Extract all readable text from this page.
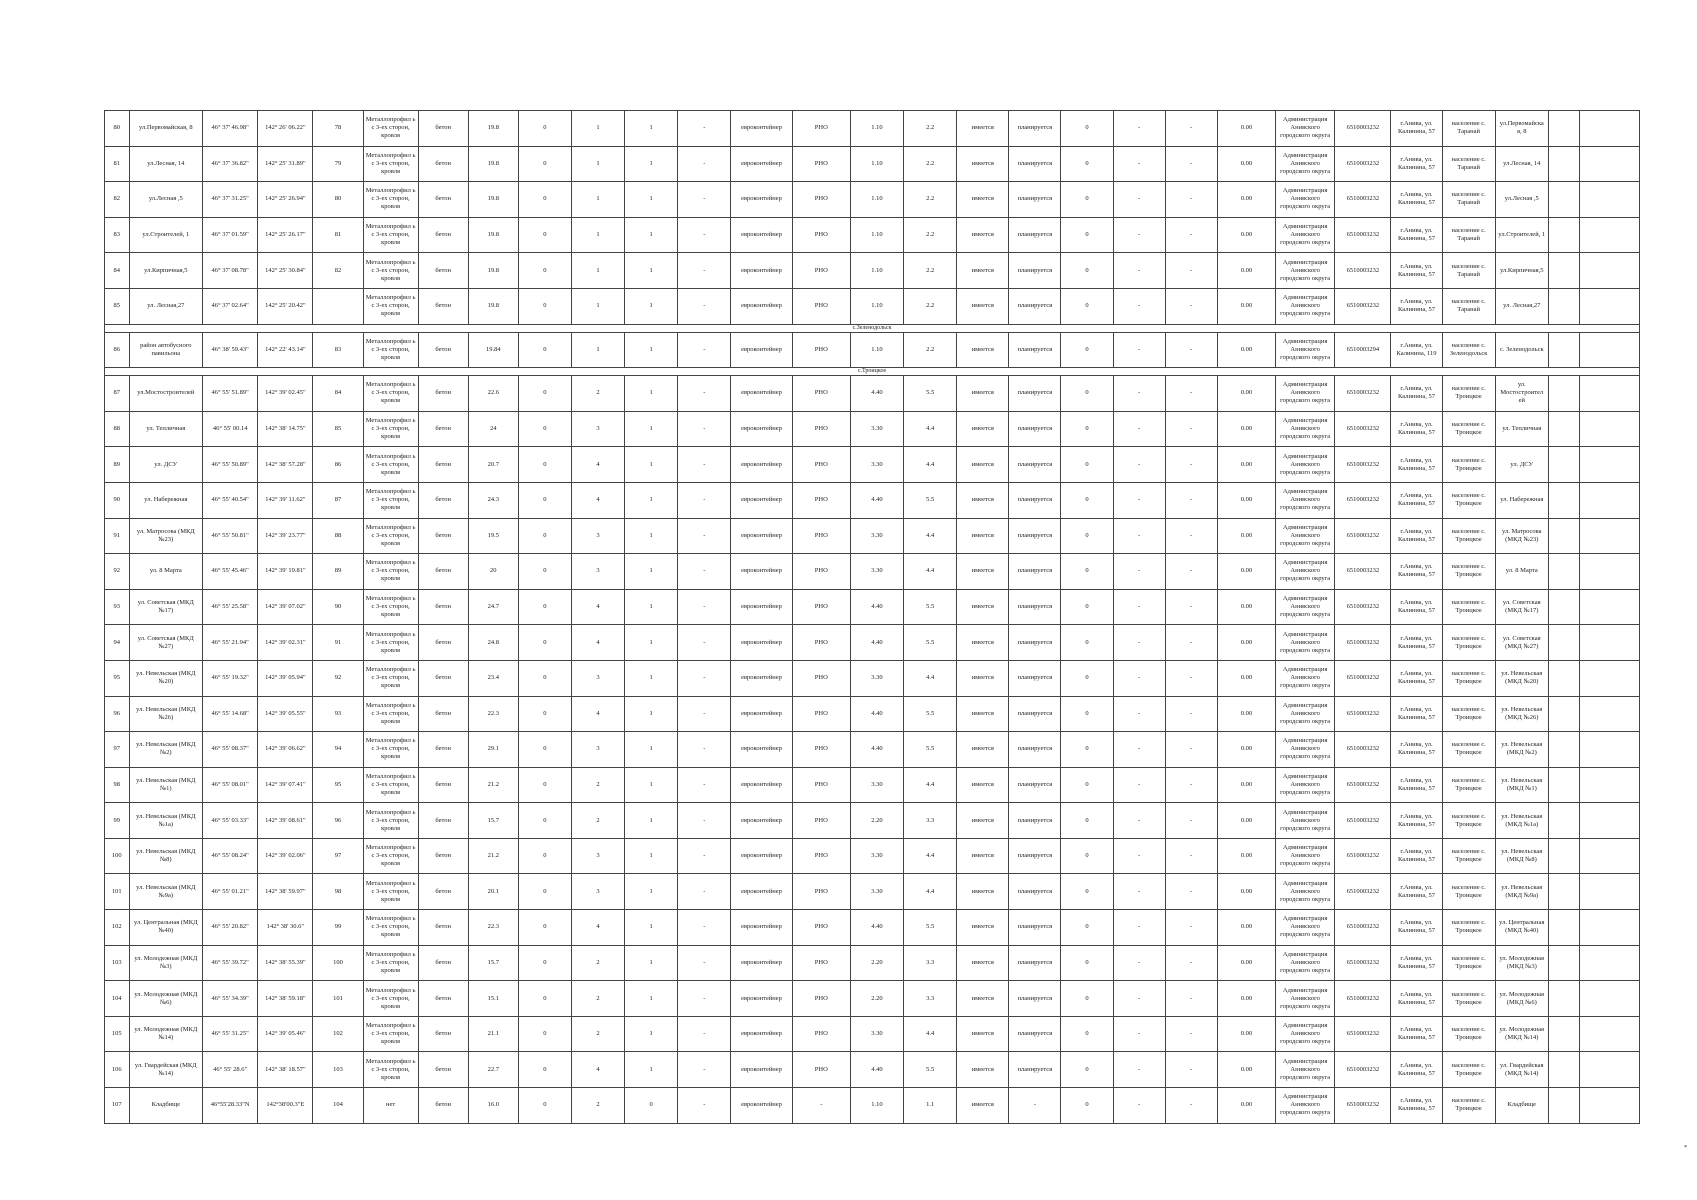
80	ул.Первомайская, 8	46° 37' 46.98"	142° 26' 06.22"	78	Металлопрофил ь с 3-ех сторон, кровля	бетон	19.8	0	1	1	-	евроконтейнер	РНО	1.10	2.2	имеется	планируется	0	-	-	0.00	Администрация Анивского городского округа	6510003232	г.Анива, ул. Калинина, 57	население с. Таранай	ул.Первомайска я, 8		
81	ул.Лесная, 14	46° 37' 36.82"	142° 25' 31.89"	79	Металлопрофил ь с 3-ех сторон, кровля	бетон	19.8	0	1	1	-	евроконтейнер	РНО	1.10	2.2	имеется	планируется	0	-	-	0.00	Администрация Анивского городского округа	6510003232	г.Анива, ул. Калинина, 57	население с. Таранай	ул.Лесная, 14		
82	ул.Лесная ,5	46° 37' 31.25"	142° 25' 26.94"	80	Металлопрофил ь с 3-ех сторон, кровля	бетон	19.8	0	1	1	-	евроконтейнер	РНО	1.10	2.2	имеется	планируется	0	-	-	0.00	Администрация Анивского городского округа	6510003232	г.Анива, ул. Калинина, 57	население с. Таранай	ул.Лесная ,5		
83	ул.Строителей, 1	46° 37' 01.59"	142° 25' 26.17"	81	Металлопрофил ь с 3-ех сторон, кровля	бетон	19.8	0	1	1	-	евроконтейнер	РНО	1.10	2.2	имеется	планируется	0	-	-	0.00	Администрация Анивского городского округа	6510003232	г.Анива, ул. Калинина, 57	население с. Таранай	ул.Строителей, 1		
84	ул.Кирпичная,5	46° 37' 08.78"	142° 25' 30.84"	82	Металлопрофил ь с 3-ех сторон, кровля	бетон	19.8	0	1	1	-	евроконтейнер	РНО	1.10	2.2	имеется	планируется	0	-	-	0.00	Администрация Анивского городского округа	6510003232	г.Анива, ул. Калинина, 57	население с. Таранай	ул.Кирпичная,5		
85	ул. Лесная,27	46° 37' 02.64"	142° 25' 20.42"		Металлопрофил ь с 3-ех сторон, кровля	бетон	19.8	0	1	1	-	евроконтейнер	РНО	1.10	2.2	имеется	планируется	0	-	-	0.00	Администрация Анивского городского округа	6510003232	г.Анива, ул. Калинина, 57	население с. Таранай	ул. Лесная,27		
с.Зеленодольск																												
86	район автобусного павильона	46° 38' 59.43"	142° 22' 43.14"	83	Металлопрофил ь с 3-ех сторон, кровля	бетон	19.84	0	1	1	-	евроконтейнер	РНО	1.10	2.2	имеется	планируется	0	-	-	0.00	Администрация Анивского городского округа	6510003294	г.Анива, ул. Калинина, 119	население с. Зеленодольск	с. Зеленодольск		
с.Троицкое																												
87	ул.Мостостроителей	46° 55' 51.89"	142° 39' 02.45"	84	Металлопрофил ь с 3-ех сторон, кровля	бетон	22.6	0	2	1	-	евроконтейнер	РНО	4.40	5.5	имеется	планируется	0	-	-	0.00	Администрация Анивского городского округа	6510003232	г.Анива, ул. Калинина, 57	население с. Троицкое	ул. Мостостроител ей		
88	ул. Тепличная	46° 55' 00.14	142° 38' 14.75"	85	Металлопрофил ь с 3-ех сторон, кровля	бетон	24	0	3	1	-	евроконтейнер	РНО	3.30	4.4	имеется	планируется	0	-	-	0.00	Администрация Анивского городского округа	6510003232	г.Анива, ул. Калинина, 57	население с. Троицкое	ул. Тепличная		
89	ул. ДСУ	46° 55' 50.89"	142° 38' 57.28"	86	Металлопрофил ь с 3-ех сторон, кровля	бетон	20.7	0	4	1	-	евроконтейнер	РНО	3.30	4.4	имеется	планируется	0	-	-	0.00	Администрация Анивского городского округа	6510003232	г.Анива, ул. Калинина, 57	население с. Троицкое	ул. ДСУ		
90	ул. Набережная	46° 55' 40.54"	142° 39' 11.62"	87	Металлопрофил ь с 3-ех сторон, кровля	бетон	24.3	0	4	1	-	евроконтейнер	РНО	4.40	5.5	имеется	планируется	0	-	-	0.00	Администрация Анивского городского округа	6510003232	г.Анива, ул. Калинина, 57	население с. Троицкое	ул. Набережная		
91	ул. Матросова (МКД №23)	46° 55' 50.81"	142° 39' 23.77"	88	Металлопрофил ь с 3-ех сторон, кровля	бетон	19.5	0	3	1	-	евроконтейнер	РНО	3.30	4.4	имеется	планируется	0	-	-	0.00	Администрация Анивского городского округа	6510003232	г.Анива, ул. Калинина, 57	население с. Троицкое	ул. Матросова (МКД №23)		
92	ул. 8 Марта	46° 55' 45.46"	142° 39' 19.81"	89	Металлопрофил ь с 3-ех сторон, кровля	бетон	20	0	3	1	-	евроконтейнер	РНО	3.30	4.4	имеется	планируется	0	-	-	0.00	Администрация Анивского городского округа	6510003232	г.Анива, ул. Калинина, 57	население с. Троицкое	ул. 8 Марта		
93	ул. Советская (МКД №17)	46° 55' 25.58"	142° 39' 07.02"	90	Металлопрофил ь с 3-ех сторон, кровля	бетон	24.7	0	4	1	-	евроконтейнер	РНО	4.40	5.5	имеется	планируется	0	-	-	0.00	Администрация Анивского городского округа	6510003232	г.Анива, ул. Калинина, 57	население с. Троицкое	ул. Советская (МКД №17)		
94	ул. Советская (МКД №27)	46° 55' 21.94"	142° 39' 02.31"	91	Металлопрофил ь с 3-ех сторон, кровля	бетон	24.8	0	4	1	-	евроконтейнер	РНО	4.40	5.5	имеется	планируется	0	-	-	0.00	Администрация Анивского городского округа	6510003232	г.Анива, ул. Калинина, 57	население с. Троицкое	ул. Советская (МКД №27)		
95	ул. Невельская (МКД №20)	46° 55' 19.32"	142° 39' 05.94"	92	Металлопрофил ь с 3-ех сторон, кровля	бетон	23.4	0	3	1	-	евроконтейнер	РНО	3.30	4.4	имеется	планируется	0	-	-	0.00	Администрация Анивского городского округа	6510003232	г.Анива, ул. Калинина, 57	население с. Троицкое	ул. Невельская (МКД №20)		
96	ул. Невельская (МКД №26)	46° 55' 14.68"	142° 39' 05.55"	93	Металлопрофил ь с 3-ех сторон, кровля	бетон	22.3	0	4	1	-	евроконтейнер	РНО	4.40	5.5	имеется	планируется	0	-	-	0.00	Администрация Анивского городского округа	6510003232	г.Анива, ул. Калинина, 57	население с. Троицкое	ул. Невельская (МКД №26)		
97	ул. Невельская (МКД №2)	46° 55' 08.37"	142° 39' 06.62"	94	Металлопрофил ь с 3-ех сторон, кровля	бетон	29.1	0	3	1	-	евроконтейнер	РНО	4.40	5.5	имеется	планируется	0	-	-	0.00	Администрация Анивского городского округа	6510003232	г.Анива, ул. Калинина, 57	население с. Троицкое	ул. Невельская (МКД №2)		
98	ул. Невельская (МКД №1)	46° 55' 08.01"	142° 39' 07.41"	95	Металлопрофил ь с 3-ех сторон, кровля	бетон	21.2	0	2	1	-	евроконтейнер	РНО	3.30	4.4	имеется	планируется	0	-	-	0.00	Администрация Анивского городского округа	6510003232	г.Анива, ул. Калинина, 57	население с. Троицкое	ул. Невельская (МКД №1)		
99	ул. Невельская (МКД №1а)	46° 55' 03.33"	142° 39' 08.61"	96	Металлопрофил ь с 3-ех сторон, кровля	бетон	15.7	0	2	1	-	евроконтейнер	РНО	2.20	3.3	имеется	планируется	0	-	-	0.00	Администрация Анивского городского округа	6510003232	г.Анива, ул. Калинина, 57	население с. Троицкое	ул. Невельская (МКД №1а)		
100	ул. Невельская (МКД №8)	46° 55' 08.24"	142° 39' 02.06"	97	Металлопрофил ь с 3-ех сторон, кровля	бетон	21.2	0	3	1	-	евроконтейнер	РНО	3.30	4.4	имеется	планируется	0	-	-	0.00	Администрация Анивского городского округа	6510003232	г.Анива, ул. Калинина, 57	население с. Троицкое	ул. Невельская (МКД №8)		
101	ул. Невельская (МКД №9а)	46° 55' 01.21"	142° 38' 59.97"	98	Металлопрофил ь с 3-ех сторон, кровля	бетон	20.1	0	3	1	-	евроконтейнер	РНО	3.30	4.4	имеется	планируется	0	-	-	0.00	Администрация Анивского городского округа	6510003232	г.Анива, ул. Калинина, 57	население с. Троицкое	ул. Невельская (МКД №9а)		
102	ул. Центральная (МКД №40)	46° 55' 20.82"	142° 38' 30.6"	99	Металлопрофил ь с 3-ех сторон, кровля	бетон	22.3	0	4	1	-	евроконтейнер	РНО	4.40	5.5	имеется	планируется	0	-	-	0.00	Администрация Анивского городского округа	6510003232	г.Анива, ул. Калинина, 57	население с. Троицкое	ул. Центральная (МКД №40)		
103	ул. Молодежная (МКД №3)	46° 55' 39.72"	142° 38' 55.39"	100	Металлопрофил ь с 3-ех сторон, кровля	бетон	15.7	0	2	1	-	евроконтейнер	РНО	2.20	3.3	имеется	планируется	0	-	-	0.00	Администрация Анивского городского округа	6510003232	г.Анива, ул. Калинина, 57	население с. Троицкое	ул. Молодежная (МКД №3)		
104	ул. Молодежная (МКД №6)	46° 55' 34.39"	142° 38' 59.18"	101	Металлопрофил ь с 3-ех сторон, кровля	бетон	15.1	0	2	1	-	евроконтейнер	РНО	2.20	3.3	имеется	планируется	0	-	-	0.00	Администрация Анивского городского округа	6510003232	г.Анива, ул. Калинина, 57	население с. Троицкое	ул. Молодежная (МКД №6)		
105	ул. Молодежная (МКД №14)	46° 55' 31.25"	142° 39' 05.46"	102	Металлопрофил ь с 3-ех сторон, кровля	бетон	21.1	0	2	1	-	евроконтейнер	РНО	3.30	4.4	имеется	планируется	0	-	-	0.00	Администрация Анивского городского округа	6510003232	г.Анива, ул. Калинина, 57	население с. Троицкое	ул. Молодежная (МКД №14)		
106	ул. Гвардейская (МКД №14)	46° 55' 28.6"	142° 38' 18.57"	103	Металлопрофил ь с 3-ех сторон, кровля	бетон	22.7	0	4	1	-	евроконтейнер	РНО	4.40	5.5	имеется	планируется	0	-	-	0.00	Администрация Анивского городского округа	6510003232	г.Анива, ул. Калинина, 57	население с. Троицкое	ул. Гвардейская (МКД №14)		
107	Кладбище	46°55'28.33"N	142°38'00.3"E	104	нет	бетон	16.0	0	2	0	-	евроконтейнер	-	1.10	1.1	имеется	-	0	-	-	0.00	Администрация Анивского городского округа	6510003232	г.Анива, ул. Калинина, 57	население с. Троицкое	Кладбище		
*
